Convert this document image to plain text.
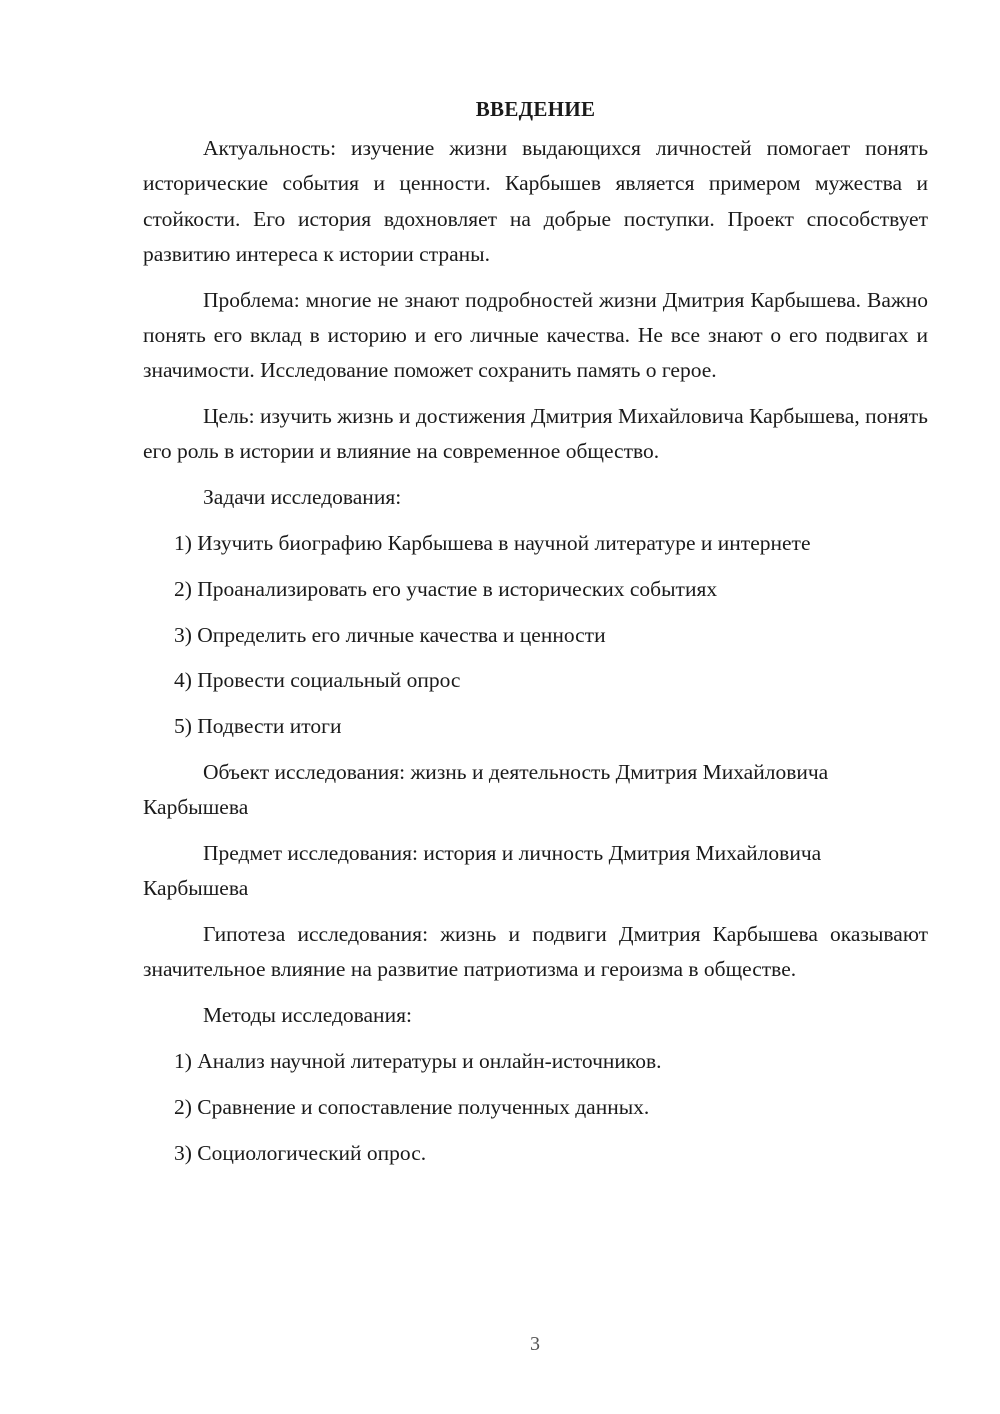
ВВЕДЕНИЕ

Актуальность: изучение жизни выдающихся личностей помогает понять исторические события и ценности. Карбышев является примером мужества и стойкости. Его история вдохновляет на добрые поступки. Проект способствует развитию интереса к истории страны.

Проблема: многие не знают подробностей жизни Дмитрия Карбышева. Важно понять его вклад в историю и его личные качества. Не все знают о его подвигах и значимости. Исследование поможет сохранить память о герое.

Цель: изучить жизнь и достижения Дмитрия Михайловича Карбышева, понять его роль в истории и влияние на современное общество.

Задачи исследования:

1) Изучить биографию Карбышева в научной литературе и интернете

2) Проанализировать его участие в исторических событиях

3) Определить его личные качества и ценности

4) Провести социальный опрос

5) Подвести итоги

Объект исследования: жизнь и деятельность Дмитрия Михайловича Карбышева

Предмет исследования: история и личность Дмитрия Михайловича Карбышева

Гипотеза исследования: жизнь и подвиги Дмитрия Карбышева оказывают значительное влияние на развитие патриотизма и героизма в обществе.

Методы исследования:

1) Анализ научной литературы и онлайн-источников.

2) Сравнение и сопоставление полученных данных.

3) Социологический опрос.

3
